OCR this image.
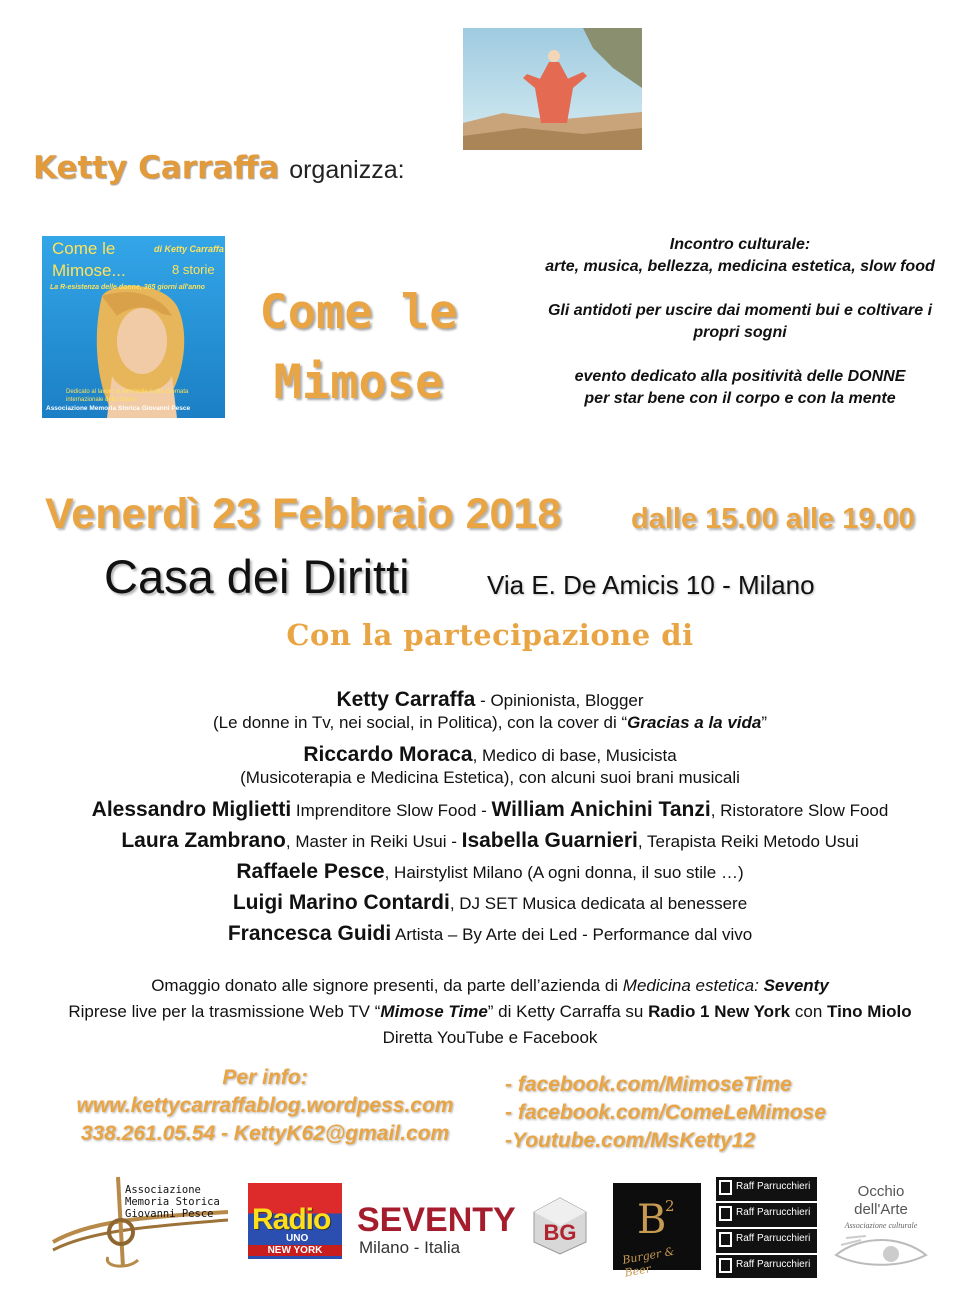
Ketty Carraffa organizza:
Come le
Mimose...
di Ketty Carraffa
8 storie
La R-esistenza delle donne, 365 giorni all'anno
Dedicato al lavoro al femminile e alla Giornata internazionale della donna
Associazione Memoria Storica Giovanni Pesce
Come le
Mimose

Incontro culturale:
arte, musica, bellezza, medicina estetica, slow food

Gli antidoti per uscire dai momenti bui e coltivare i propri sogni

evento dedicato alla positività delle DONNE
per star bene con il corpo e con la mente

Venerdì 23 Febbraio 2018 dalle 15.00 alle 19.00
Casa dei Diritti	Via E. De Amicis 10 - Milano
Con la partecipazione di
Ketty Carraffa - Opinionista, Blogger
(Le donne in Tv, nei social, in Politica), con la cover di “Gracias a la vida”
Riccardo Moraca, Medico di base, Musicista
(Musicoterapia e Medicina Estetica), con alcuni suoi brani musicali
Alessandro Miglietti Imprenditore Slow Food - William Anichini Tanzi, Ristoratore Slow Food
Laura Zambrano, Master in Reiki Usui - Isabella Guarnieri, Terapista Reiki Metodo Usui
Raffaele Pesce, Hairstylist Milano (A ogni donna, il suo stile …)
Luigi Marino Contardi, DJ SET Musica dedicata al benessere
Francesca Guidi Artista – By Arte dei Led - Performance dal vivo
Omaggio donato alle signore presenti, da parte dell’azienda di Medicina estetica: Seventy
Riprese live per la trasmissione Web TV “Mimose Time” di Ketty Carraffa su Radio 1 New York con Tino Miolo
Diretta YouTube e Facebook
Per info:
www.kettycarraffablog.wordpess.com
338.261.05.54 - KettyK62@gmail.com
- facebook.com/MimoseTime
- facebook.com/ComeLeMimose
-Youtube.com/MsKetty12
Associazione
Memoria Storica
Giovanni Pesce Radio
UNO
NEW YORK
SEVENTY
Milano - Italia
BG B
2
Burger & Beer
Raff Parrucchieri
Raff Parrucchieri
Raff Parrucchieri
Raff Parrucchieri
Occhio
dell'Arte
Associazione culturale
